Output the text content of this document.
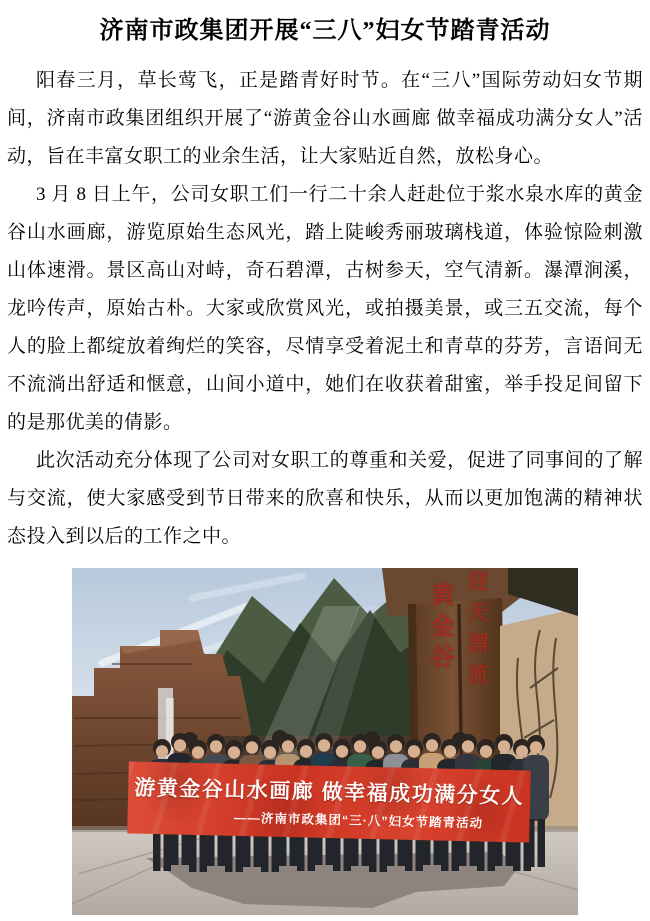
济南市政集团开展“三八”妇女节踏青活动

阳春三月，草长莺飞，正是踏青好时节。在“三八”国际劳动妇女节期间，济南市政集团组织开展了“游黄金谷山水画廊 做幸福成功满分女人”活动，旨在丰富女职工的业余生活，让大家贴近自然，放松身心。

3 月 8 日上午，公司女职工们一行二十余人赶赴位于浆水泉水库的黄金谷山水画廊，游览原始生态风光，踏上陡峻秀丽玻璃栈道，体验惊险刺激山体速滑。景区高山对峙，奇石碧潭，古树参天，空气清新。瀑潭涧溪，龙吟传声，原始古朴。大家或欣赏风光，或拍摄美景，或三五交流，每个人的脸上都绽放着绚烂的笑容，尽情享受着泥土和青草的芬芳，言语间无不流淌出舒适和惬意，山间小道中，她们在收获着甜蜜，举手投足间留下的是那优美的倩影。

此次活动充分体现了公司对女职工的尊重和关爱，促进了同事间的了解与交流，使大家感受到节日带来的欣喜和快乐，从而以更加饱满的精神状态投入到以后的工作之中。

黄金谷 迎天漂流
游黄金谷山水画廊 做幸福成功满分女人
——济南市政集团“三·八”妇女节踏青活动
